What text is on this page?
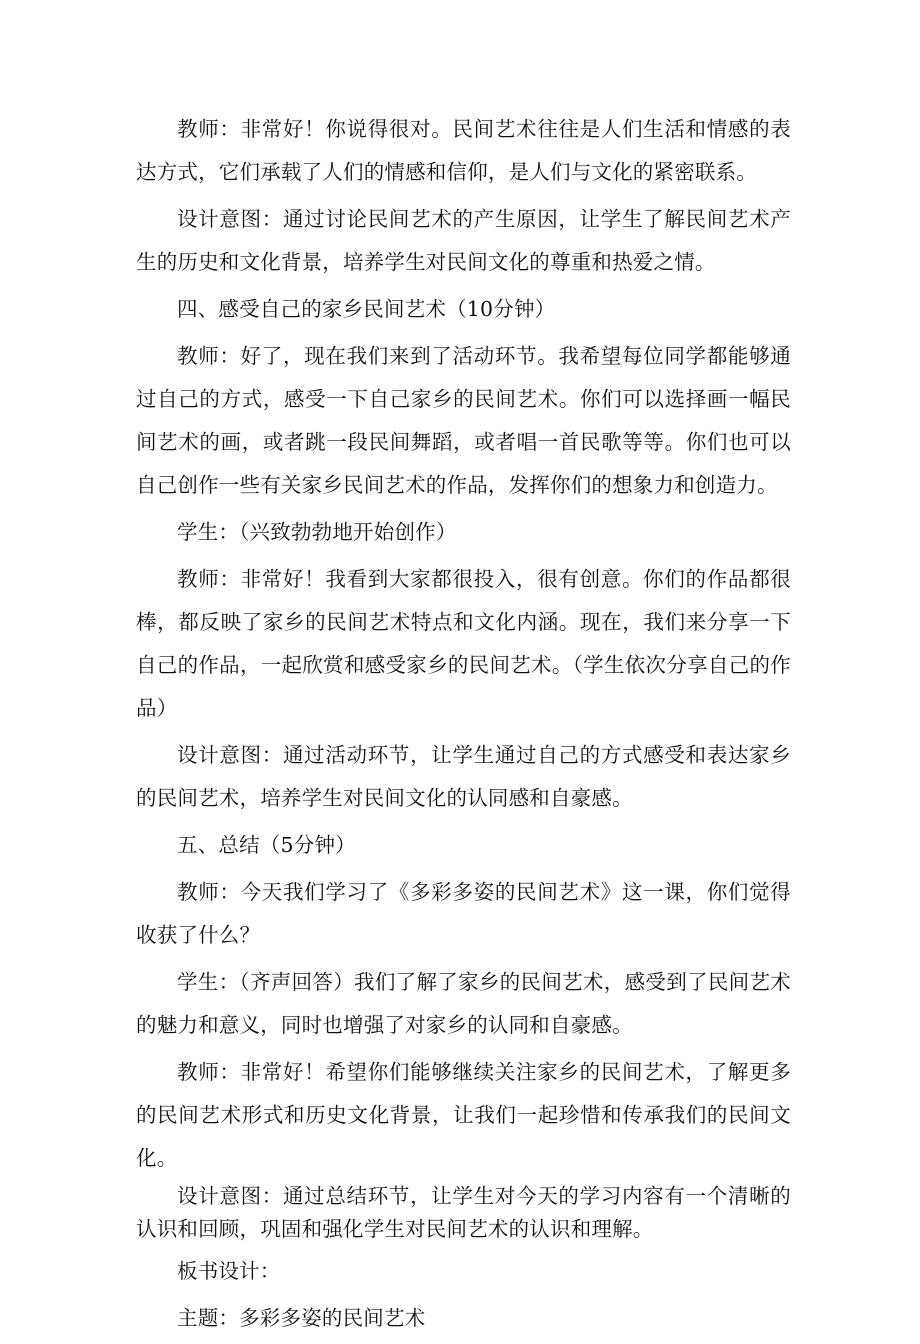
教师：非常好！你说得很对。民间艺术往往是人们生活和情感的表达方式，它们承载了人们的情感和信仰，是人们与文化的紧密联系。

设计意图：通过讨论民间艺术的产生原因，让学生了解民间艺术产生的历史和文化背景，培养学生对民间文化的尊重和热爱之情。

四、感受自己的家乡民间艺术（10分钟）

教师：好了，现在我们来到了活动环节。我希望每位同学都能够通过自己的方式，感受一下自己家乡的民间艺术。你们可以选择画一幅民间艺术的画，或者跳一段民间舞蹈，或者唱一首民歌等等。你们也可以自己创作一些有关家乡民间艺术的作品，发挥你们的想象力和创造力。

学生：（兴致勃勃地开始创作）

教师：非常好！我看到大家都很投入，很有创意。你们的作品都很棒，都反映了家乡的民间艺术特点和文化内涵。现在，我们来分享一下自己的作品，一起欣赏和感受家乡的民间艺术。（学生依次分享自己的作品）

设计意图：通过活动环节，让学生通过自己的方式感受和表达家乡的民间艺术，培养学生对民间文化的认同感和自豪感。

五、总结（5分钟）

教师：今天我们学习了《多彩多姿的民间艺术》这一课，你们觉得收获了什么？

学生：（齐声回答）我们了解了家乡的民间艺术，感受到了民间艺术的魅力和意义，同时也增强了对家乡的认同和自豪感。

教师：非常好！希望你们能够继续关注家乡的民间艺术，了解更多的民间艺术形式和历史文化背景，让我们一起珍惜和传承我们的民间文化。

设计意图：通过总结环节，让学生对今天的学习内容有一个清晰的认识和回顾，巩固和强化学生对民间艺术的认识和理解。

板书设计：

主题：多彩多姿的民间艺术
